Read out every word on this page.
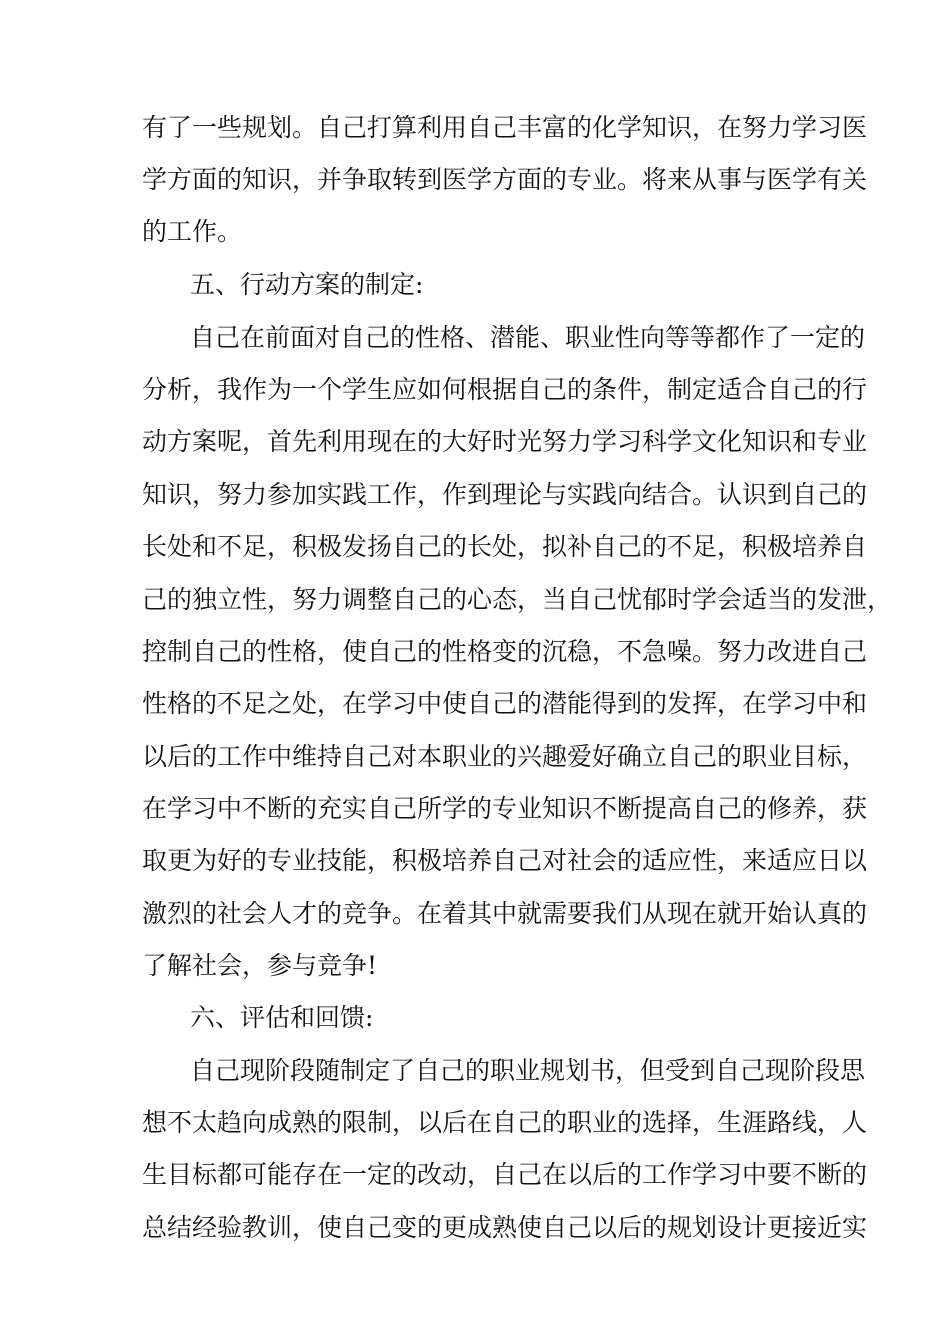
有了一些规划。自己打算利用自己丰富的化学知识，在努力学习医

学方面的知识，并争取转到医学方面的专业。将来从事与医学有关

的工作。

五、行动方案的制定:

自己在前面对自己的性格、潜能、职业性向等等都作了一定的

分析，我作为一个学生应如何根据自己的条件，制定适合自己的行

动方案呢，首先利用现在的大好时光努力学习科学文化知识和专业

知识，努力参加实践工作，作到理论与实践向结合。认识到自己的

长处和不足，积极发扬自己的长处，拟补自己的不足，积极培养自

己的独立性，努力调整自己的心态，当自己忧郁时学会适当的发泄，

控制自己的性格，使自己的性格变的沉稳，不急噪。努力改进自己

性格的不足之处，在学习中使自己的潜能得到的发挥，在学习中和

以后的工作中维持自己对本职业的兴趣爱好确立自己的职业目标，

在学习中不断的充实自己所学的专业知识不断提高自己的修养，获

取更为好的专业技能，积极培养自己对社会的适应性，来适应日以

激烈的社会人才的竞争。在着其中就需要我们从现在就开始认真的

了解社会，参与竞争!

六、评估和回馈:

自己现阶段随制定了自己的职业规划书，但受到自己现阶段思

想不太趋向成熟的限制，以后在自己的职业的选择，生涯路线，人

生目标都可能存在一定的改动，自己在以后的工作学习中要不断的

总结经验教训，使自己变的更成熟使自己以后的规划设计更接近实
